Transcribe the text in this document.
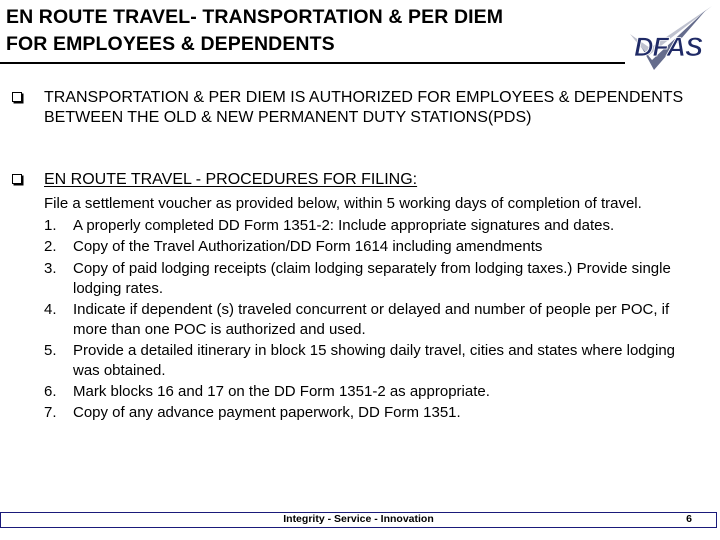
EN ROUTE TRAVEL- TRANSPORTATION & PER DIEM
FOR EMPLOYEES & DEPENDENTS	DFAS
TRANSPORTATION & PER DIEM IS AUTHORIZED FOR EMPLOYEES & DEPENDENTS BETWEEN THE OLD & NEW PERMANENT DUTY STATIONS(PDS)
EN ROUTE TRAVEL - PROCEDURES FOR FILING:

File a settlement voucher as provided below, within 5 working days of completion of travel.

1.	A properly completed DD Form 1351-2: Include appropriate signatures and dates.
2.	Copy of the Travel Authorization/DD Form 1614 including amendments
3.	Copy of paid lodging receipts (claim lodging separately from lodging taxes.) Provide single lodging rates.
4.	Indicate if dependent (s) traveled concurrent or delayed and number of people per POC, if more than one POC is authorized and used.
5.	Provide a detailed itinerary in block 15 showing daily travel, cities and states where lodging was obtained.
6.	Mark blocks 16 and 17 on the DD Form 1351-2 as appropriate.
7.	Copy of any advance payment paperwork, DD Form 1351.
Integrity - Service - Innovation	6
